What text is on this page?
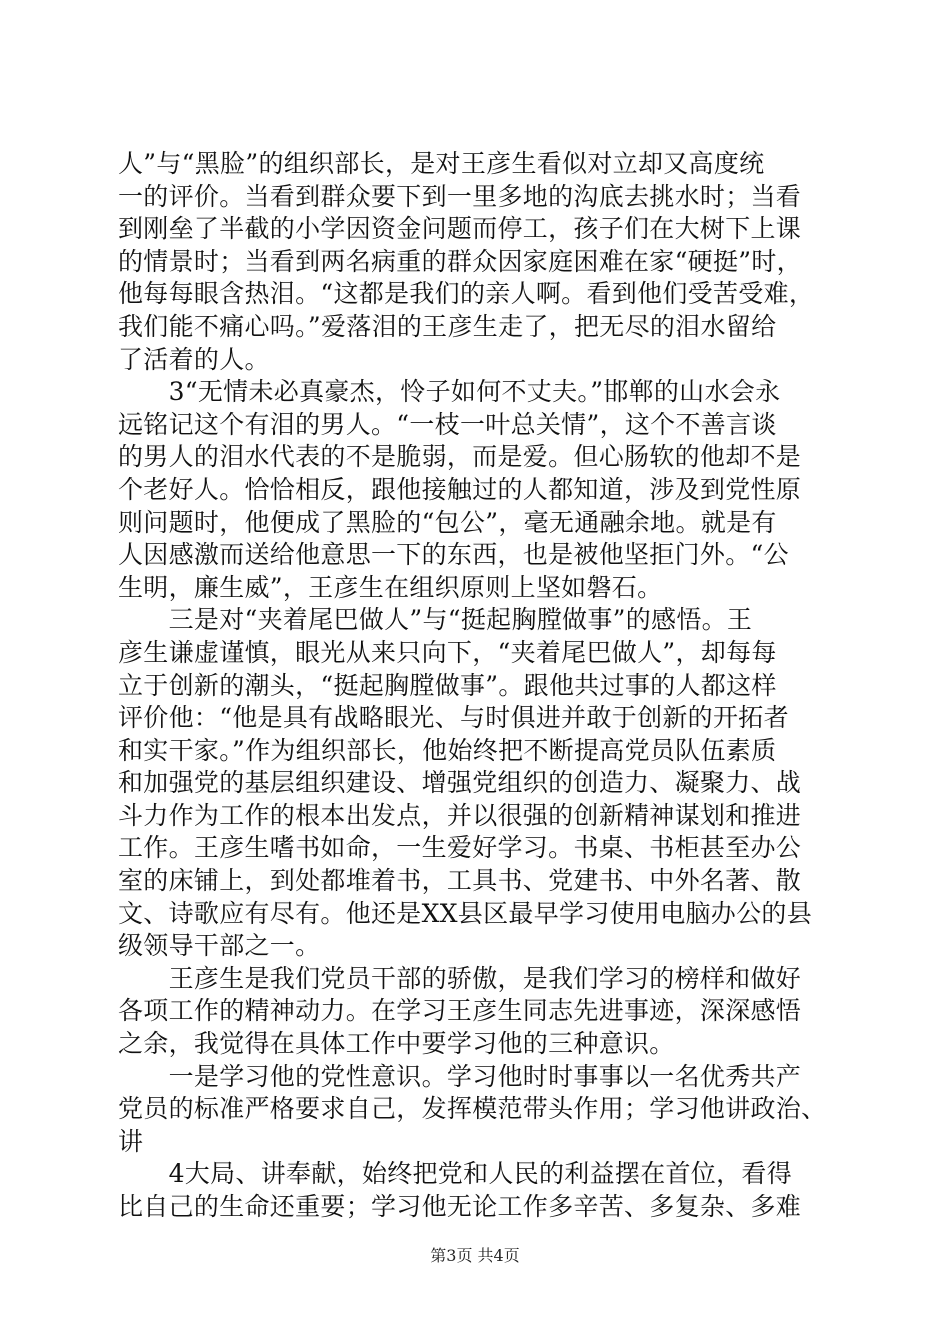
人”与“黑脸”的组织部长，是对王彦生看似对立却又高度统
一的评价。当看到群众要下到一里多地的沟底去挑水时；当看
到刚垒了半截的小学因资金问题而停工，孩子们在大树下上课
的情景时；当看到两名病重的群众因家庭困难在家“硬挺”时，
他每每眼含热泪。“这都是我们的亲人啊。看到他们受苦受难，
我们能不痛心吗。”爱落泪的王彦生走了，把无尽的泪水留给
了活着的人。
　　3“无情未必真豪杰，怜子如何不丈夫。”邯郸的山水会永
远铭记这个有泪的男人。“一枝一叶总关情”，这个不善言谈
的男人的泪水代表的不是脆弱，而是爱。但心肠软的他却不是
个老好人。恰恰相反，跟他接触过的人都知道，涉及到党性原
则问题时，他便成了黑脸的“包公”，毫无通融余地。就是有
人因感激而送给他意思一下的东西，也是被他坚拒门外。“公
生明，廉生威”，王彦生在组织原则上坚如磐石。
　　三是对“夹着尾巴做人”与“挺起胸膛做事”的感悟。王
彦生谦虚谨慎，眼光从来只向下，“夹着尾巴做人”，却每每
立于创新的潮头，“挺起胸膛做事”。跟他共过事的人都这样
评价他：“他是具有战略眼光、与时俱进并敢于创新的开拓者
和实干家。”作为组织部长，他始终把不断提高党员队伍素质
和加强党的基层组织建设、增强党组织的创造力、凝聚力、战
斗力作为工作的根本出发点，并以很强的创新精神谋划和推进
工作。王彦生嗜书如命，一生爱好学习。书桌、书柜甚至办公
室的床铺上，到处都堆着书，工具书、党建书、中外名著、散
文、诗歌应有尽有。他还是XX县区最早学习使用电脑办公的县
级领导干部之一。
　　王彦生是我们党员干部的骄傲，是我们学习的榜样和做好
各项工作的精神动力。在学习王彦生同志先进事迹，深深感悟
之余，我觉得在具体工作中要学习他的三种意识。
　　一是学习他的党性意识。学习他时时事事以一名优秀共产
党员的标准严格要求自己，发挥模范带头作用；学习他讲政治、
讲
　　4大局、讲奉献，始终把党和人民的利益摆在首位，看得
比自己的生命还重要；学习他无论工作多辛苦、多复杂、多难
第3页 共4页
